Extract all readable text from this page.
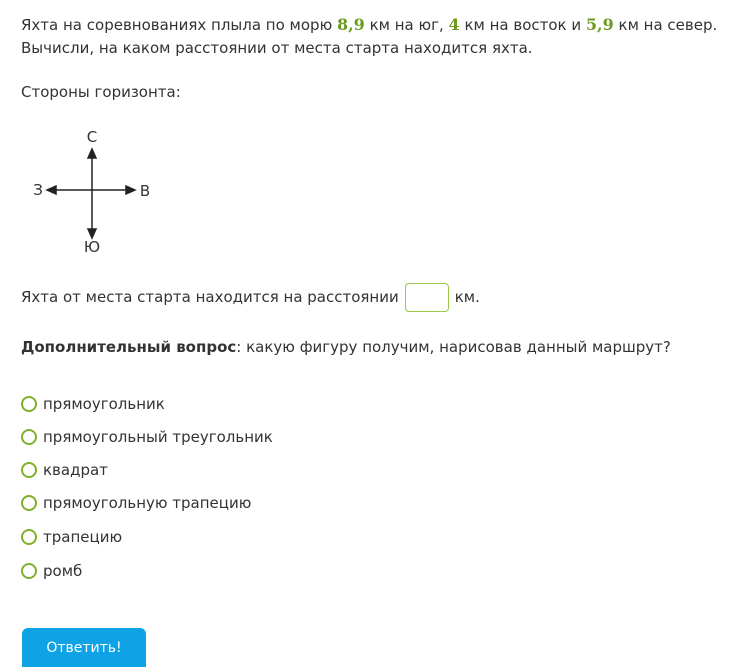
Яхта на соревнованиях плыла по морю 8,9 км на юг, 4 км на восток и 5,9 км на север.
Вычисли, на каком расстоянии от места старта находится яхта.
Стороны горизонта:
С
Ю
З	В
Яхта от места старта находится на расстоянии	км.
Дополнительный вопрос: какую фигуру получим, нарисовав данный маршрут?
прямоугольник
прямоугольный треугольник
квадрат
прямоугольную трапецию
трапецию
ромб
Ответить!
